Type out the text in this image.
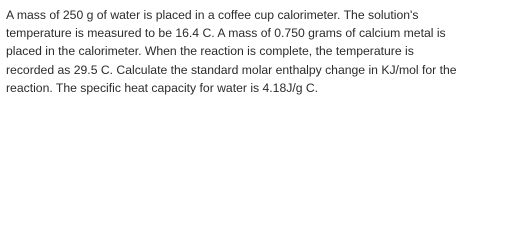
A mass of 250 g of water is placed in a coffee cup calorimeter. The solution's
temperature is measured to be 16.4 C. A mass of 0.750 grams of calcium metal is
placed in the calorimeter. When the reaction is complete, the temperature is
recorded as 29.5 C. Calculate the standard molar enthalpy change in KJ/mol for the
reaction. The specific heat capacity for water is 4.18J/g C.
